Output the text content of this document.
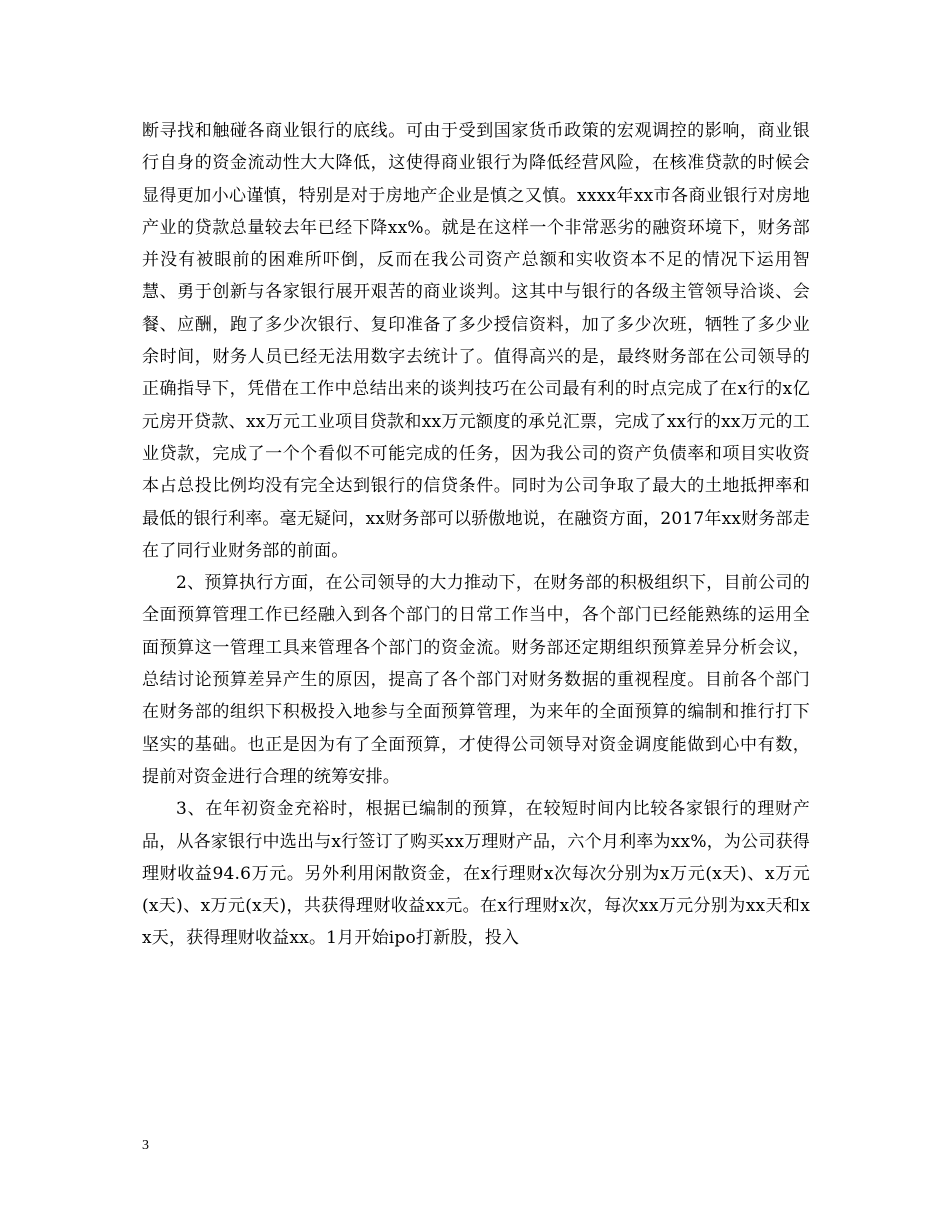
断寻找和触碰各商业银行的底线。可由于受到国家货币政策的宏观调控的影响，商业银行自身的资金流动性大大降低，这使得商业银行为降低经营风险，在核准贷款的时候会显得更加小心谨慎，特别是对于房地产企业是慎之又慎。xxxx年xx市各商业银行对房地产业的贷款总量较去年已经下降xx%。就是在这样一个非常恶劣的融资环境下，财务部并没有被眼前的困难所吓倒，反而在我公司资产总额和实收资本不足的情况下运用智慧、勇于创新与各家银行展开艰苦的商业谈判。这其中与银行的各级主管领导洽谈、会餐、应酬，跑了多少次银行、复印准备了多少授信资料，加了多少次班，牺牲了多少业余时间，财务人员已经无法用数字去统计了。值得高兴的是，最终财务部在公司领导的正确指导下，凭借在工作中总结出来的谈判技巧在公司最有利的时点完成了在x行的x亿元房开贷款、xx万元工业项目贷款和xx万元额度的承兑汇票，完成了xx行的xx万元的工业贷款，完成了一个个看似不可能完成的任务，因为我公司的资产负债率和项目实收资本占总投比例均没有完全达到银行的信贷条件。同时为公司争取了最大的土地抵押率和最低的银行利率。毫无疑问，xx财务部可以骄傲地说，在融资方面，2017年xx财务部走在了同行业财务部的前面。

2、预算执行方面，在公司领导的大力推动下，在财务部的积极组织下，目前公司的全面预算管理工作已经融入到各个部门的日常工作当中，各个部门已经能熟练的运用全面预算这一管理工具来管理各个部门的资金流。财务部还定期组织预算差异分析会议，总结讨论预算差异产生的原因，提高了各个部门对财务数据的重视程度。目前各个部门在财务部的组织下积极投入地参与全面预算管理，为来年的全面预算的编制和推行打下坚实的基础。也正是因为有了全面预算，才使得公司领导对资金调度能做到心中有数，提前对资金进行合理的统筹安排。

3、在年初资金充裕时，根据已编制的预算，在较短时间内比较各家银行的理财产品，从各家银行中选出与x行签订了购买xx万理财产品，六个月利率为xx%，为公司获得理财收益94.6万元。另外利用闲散资金，在x行理财x次每次分别为x万元(x天)、x万元(x天)、x万元(x天)，共获得理财收益xx元。在x行理财x次，每次xx万元分别为xx天和xx天，获得理财收益xx。1月开始ipo打新股，投入

3
